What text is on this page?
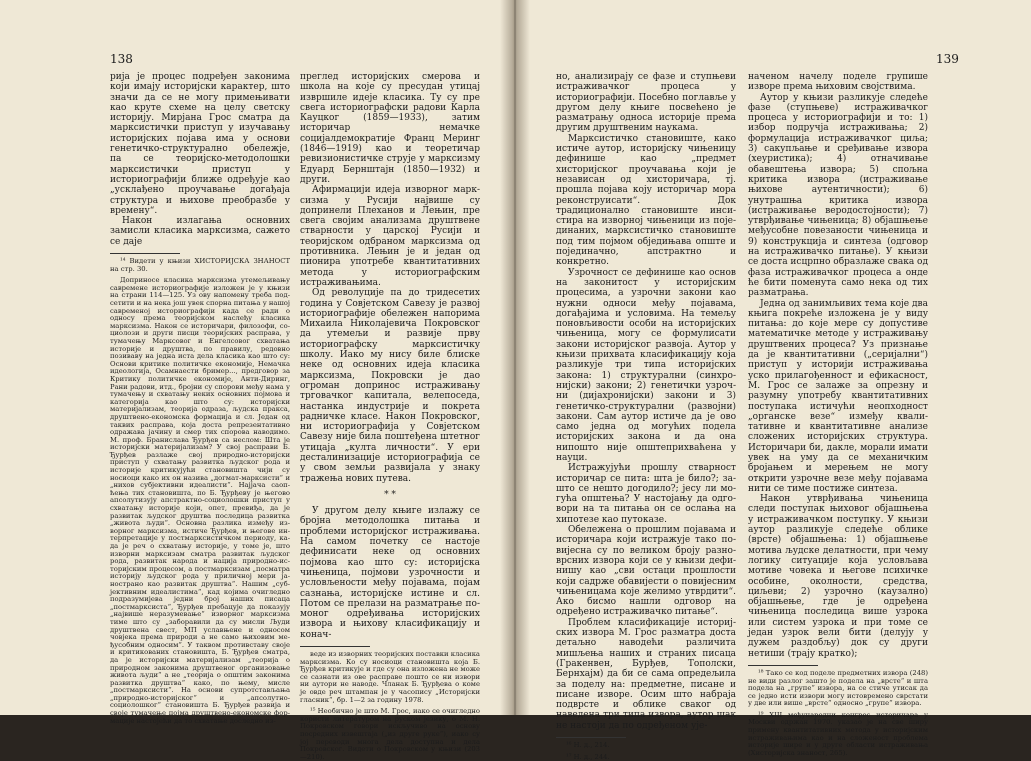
138

рија је процес подређен законима који имају историјски карактер, што значи да се не могу примењивати као круте схеме на целу светску историју. Мирјана Грос сматра да марксистички приступ у изучавању историјских појава има у основи генетичко-структурално обележје, па се теоријско-методолошки марксистички приступ у историографији ближе одређује као „усклађено проучавање догађаја структура и њихове преобразбе у времену“.

Након излагања основних замисли класика марксизма, сажето се даје

¹⁴ Видети у књизи ХИСТОРИЈСКА ЗНАНОСТ на стр. 30.

Доприносе класика марксизма утемељивању савремене историографије изложен је у књизи на страни 114—125. Уз ову напомену треба подсетити и на нека још увек спорна питања у нашој савременој историографији када се ради о односу према теоријском наслеђу класика марксизма. Након се историчари, филозофи, социолози и други писци теоријских расправа, у тумачењу Марксовог и Енгелсовог схватања историје и друштва, по правилу, редовно позиваву на једна иста дела класика као што су: Основи критике политичке економије, Немачка идеологија, Осамнаести бример..., предговор за Критику политичке економије, Анти-Диринг, Рани радови, итд., бројни су спорови међу нама у тумачењу и схватању неких основних појмова и категорија као што су: историјски материјализам, теорија одраза, људска пракса, друштвено-економска формација и сл. Један од таквих расправа, која доста репрезентативно одражава јачину и смер тих спорова наводимо. М. проф. Бранислава Ђурђев са неслом: Шта је историјски материјализам? У свој расправи Б. Ђурђев разлаже свој природно-историјски приступ у схватању развитка људског рода и историје критикујући становишта чији су носиоци како их он назива „догмат-марксисти“ и „нихов субјективни идеалисти“. Најјача саопћења тих становишта, по Б. Ђурђеву је његово апсолутизују апстрактно-социолошки приступ у схватању историје који, опет, превиђа, да је развитак људског друштва последица развитка „живота људи“. Основна разлика између изворног марксизма, истиче Ђурђев, и његове интерпретације у постмарксистичком периоду, када је реч о схватању историје, у томе је, што изворни марксизам сматра развитак људског рода, развитак народа и нација природно-историјским процесом, а постмарксизам „посматра историју људског рода у приличној мери јаностранo као развитак друштва“. Нашим „субјективним идеалистима“, кад којима очигледно подразумијева једни број наших писаца „постмарксиста“, Ђурђев пребацује да показују „највише неразумевање“ изворног марксизма тиме што су „заборавили да су мисли Људи друштвена свест, МП уславњене и односом човјека према природи а не само њиховим међусобним односим“. У таквом противставу своје и критикованих становишта, Б. Ђурђев сматра, да је историјски материјализам „теорија о природном законима друштвеног организовање живота људи“ а не „теорија о општим законима развитка друштва“ како, по њему, мисле „постмарксисти“. На основи супротстављања „природно-историјског“ и „апсолутно-социолошког“ становишта Б. Ђурђев развија и своје тумачење појма друштвено-економске формације настојећи да то схватање доследно из-

преглед историјских смерова и школа на које су пресудан утицај извршиле идеје класика. Ту су пре свега историографски радови Карла Кауцког (1859—1933), затим историчар немачке социјалдемократије Франц Меринг (1846—1919) као и теоретичар ревизионистичке струје у марксизму Едуард Бернштајн (1850—1932) и други.

Афирмацији идеја изворног марксизма у Русији највише су допринели Плеханов и Лењин, пре свега својим анализама друштвене стварности у царској Русији и теоријском одбраном марксизма од противника. Лењин је и један од пионира употребе квантитативних метода у историографским истраживањима.

Од револуције па до тридесетих година у Совјетском Савезу је развој историографије обележен напорима Михаила Николајевича Покровског да утемељи и развије прву историографску марксистичку школу. Иако му нису биле блиске неке од основних идеја класика марксизма, Покровски је дао огроман допринос истраживању трговачког капитала, велепоседа, настанка индустрије и покрета радничке класе. Након Покровског, ни историографија у Совјетском Савезу није била поштеђена штетног утицаја „култа личнoсти“. У ери десталинизације историографија се у свом земљи развијала у знаку тражења нових путева.

* *

У другом делу књиге излажу се бројна методолошка питања и проблеми историјског истраживања. На самом почетку се настоје дефинисати неке од основних појмова као што су: историјска чињеница, појмови узрочности и условљености међу појавама, појам сазнања, историјске истине и сл. Потом се прелази на разматрање помоног одређивања историјских извора и њихову класификацију и конач-

веде из изворних теоријских поставки класика марксизма. Ко су носиоци становишта која Б. Ђурђев критикује и где су она изложена не може се сазнати из ове расправе пошто се ни извори ни аутори не наводе. Чланак Б. Ђурђева о коме је овде реч штампан је у часопису „Историјски гласник“, бр. 1—2 за годину 1978.

¹⁵ Необично је што М. Грос, иако се очигледно користи литературом на руском језику, о М. Н. Покровском говори искључиво на основу посредних извештаја („из друге руке“), иако су јој переводи многа дела доступна и дела Покровског. Видети о Покровском у књизи (203—210).

139

но, анализирају се фазе и ступњеви истраживачког процеса у историографији. Посебно поглавље у другом делу књиге посвећено је разматрању односа историје према другим друштвеним наукама.

Марксистичко становиште, како истиче аутор, историјску чињеницу дефинише као „предмет хисторијског проучавања који је независан од хисторичара, тј. прошла појава коју историчар мора реконструисати“. Док традиционално становиште инсистира на изворној чињеници из појединаних, марксистичко становиште под тим појмом обједињава опште и појединачно, апстрактно и конкретно.

Узрочност се дефинише као основ на законитост у историјским процесима, а узрочни закони као нужни односи међу појавама, догађајима и условима. На темељу поновљивости особи на историјских чињеница, могу се формулисати закони историјског развоја. Аутор у књизи прихвата класификацију која разликује три типа историјских закона: 1) структурални (синхронијски) закони; 2) генетички узрочни (дијахронијски) закони и 3) генетичко-структурални (развојни) закони. Сам аутор истиче да је ово само једна од могућих подела историјских закона и да она нипошто није општеприхваћена у науци.

Истражујући прошлу стварност историчар се пита: шта је било?; зашто се нешто догодило?; јесу ли могућа општења? У настојању да одговори на та питања он се ослања на хипотезе као путоказе.

Обележена о прошлим појавама и историчара који истражује тако повијеснa су по великом броју разноврсних извора који се у књизи дефинишу као „сви остаци прошлости који садрже обавијести о повијесним чињеницама које желимо утврдити“. Ако бисмо нашли одговор на одређено истраживачко питање“.

Проблем класификације историјских извора М. Грос разматра доста детаљно наводећи различита мишљења наших и страних писаца (Гракенвен, Бурђев, Тополски, Бернхајм) да би се сама опредељила за поделу на: предметне, писане и писане изворе. Осим што набраја подврсте и облике сваког од наведена три типа извора, аутор шак не настоји да по одређеном ује-

¹⁶ Н. д., 214.

¹⁷ Н. д., 244.

наченом начелу поделе групише изворе према њиховим својствима.

Аутор у књизи разликује следеће фазе (ступњеве) истраживачког процеса у историографији и то: 1) избор подручја истраживања; 2) формулација истраживачког циља; 3) сакупљање и сређивање извора (хеуристика); 4) отначивање обавештења извора; 5) спољна критика извора (истраживање њихове аутентичности); 6) унутрашња критика извора (истраживање веродостојности); 7) утврђивање чињеница; 8) објашњење међусобне повезаности чињеница и 9) конструкција и синтеза (одговор на истраживачко питање). У књизи се доста исцрпно образлаже свака од фаза истраживачког процеса а онде ће бити поменута само нека од тих разматрања.

Једна од занимљивих тема које два књига покреће изложена је у виду питања: до које мере су допустиве математичке методе у истраживању друштвених процеса? Уз признање да је квантитативни („серијални“) приступ у историји истраживања уско прилагођенност и ефикасност, М. Грос се залаже за опрезну и разумну употребу квантитативних поступака истичући неопходност „органске везе“ између квалитативне и квантитативне анализе сложених историјских структура. Историчари би, дакле, морали имати увек на уму да се механичким бројањем и мерењем не могу открити узрочне везе међу појавама нити се тиме постиже синтеза.

Након утврђивања чињеница следи поступак њиховог објашњења у истраживачком поступку. У књизи аутор разликује следеће облике (врсте) објашњења: 1) објашњење мотива људске делатности, при чему логику ситуације која условљава мотиве човека и његове психичке особине, околности, средства, циљеви; 2) узрочно (каузално) објашњење, где је одређена чињеница последица више узрока или систем узрока и при томе се један узрок вели бити (делују у дужем раздобљу) док су други нетиши (трају кратко);

¹⁸ Тако се код поделе предметних извора (248) не види разлог зашто је подела на „врсте“ и шта подела на „групе“ извора, на се стиче утисак да се једнo исти извори могу истовремено сврстати у две или више „врсте“ односно „групе“ извора.

¹⁹ XIII међународни конгрес историчара у Москви одржан 1970. указао је на све ширу примену квантитативних метода у историјским истраживањима као и на сложеност проблема историје шире и у другe области истраживања (Хисторијска знаност, 265).
